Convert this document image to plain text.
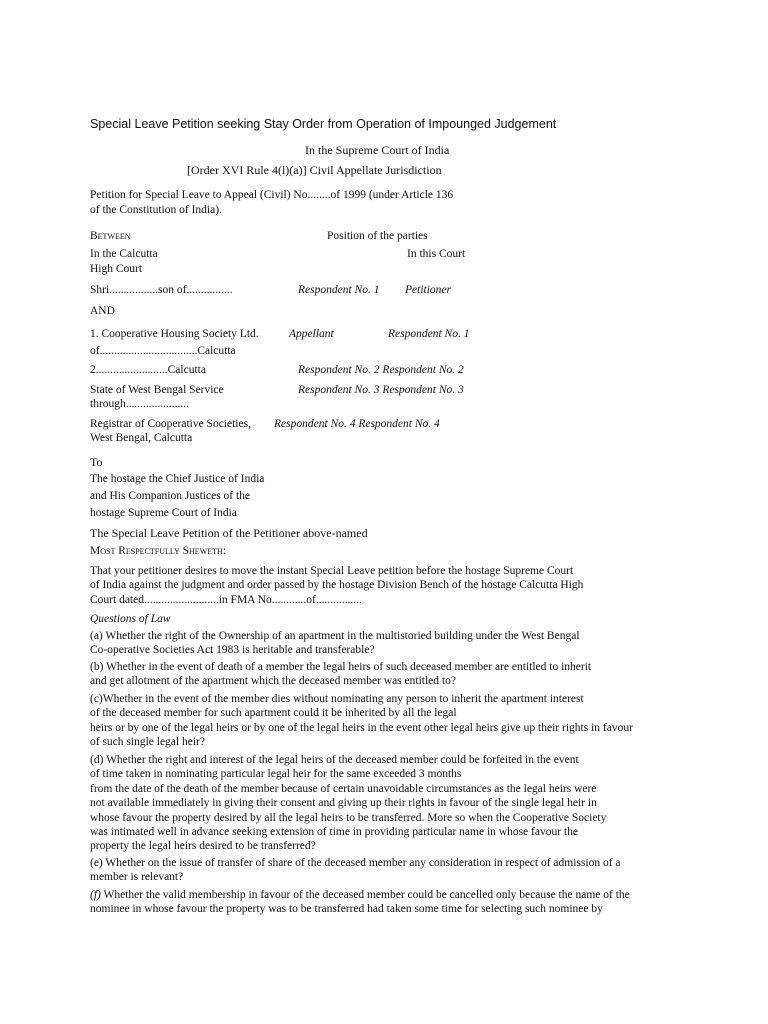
Special Leave Petition seeking Stay Order from Operation of Impounged Judgement
In the Supreme Court of India
[Order XVI Rule 4(l)(a)] Civil Appellate Jurisdiction
Petition for Special Leave to Appeal (Civil) No........of 1999 (under Article 136
of the Constitution of India).
Between	Position of the parties
In the Calcutta	In this Court
High Court
Shri.................son of................	Respondent No. 1 Petitioner
AND
1. Cooperative Housing Society Ltd.	Appellant	Respondent No. 1
of..................................Calcutta
2.........................Calcutta	Respondent No. 2 Respondent No. 2
State of West Bengal Service	Respondent No. 3 Respondent No. 3
through......................
Registrar of Cooperative Societies, Respondent No. 4 Respondent No. 4
West Bengal, Calcutta
To
The hostage the Chief Justice of India
and His Companion Justices of the
hostage Supreme Court of India
The Special Leave Petition of the Petitioner above-named
Most Respectfully Sheweth:
That your petitioner desires to move the instant Special Leave petition before the hostage Supreme Court
of India against the judgment and order passed by the hostage Division Bench of the hostage Calcutta High
Court dated..........................in FMA No............of................
Questions of Law
(a) Whether the right of the Ownership of an apartment in the multistoried building under the West Bengal
Co-operative Societies Act 1983 is heritable and transferable?
(b) Whether in the event of death of a member the legal heirs of such deceased member are entitled to inherit
and get allotment of the apartment which the deceased member was entitled to?
(c)Whether in the event of the member dies without nominating any person to inherit the apartment interest
of the deceased member for such apartment could it be inherited by all the legal
heirs or by one of the legal heirs or by one of the legal heirs in the event other legal heirs give up their rights in favour
of such single legal heir?
(d) Whether the right and interest of the legal heirs of the deceased member could be forfeited in the event
of time taken in nominating particular legal heir for the same exceeded 3 months
from the date of the death of the member because of certain unavoidable circumstances as the legal heirs were
not available immediately in giving their consent and giving up their rights in favour of the single legal heir in
whose favour the property desired by all the legal heirs to be transferred. More so when the Cooperative Society
was intimated well in advance seeking extension of time in providing particular name in whose favour the
property the legal heirs desired to be transferred?
(e) Whether on the issue of transfer of share of the deceased member any consideration in respect of admission of a
member is relevant?
(f) Whether the valid membership in favour of the deceased member could be cancelled only because the name of the
nominee in whose favour the property was to be transferred had taken some time for selecting such nominee by
